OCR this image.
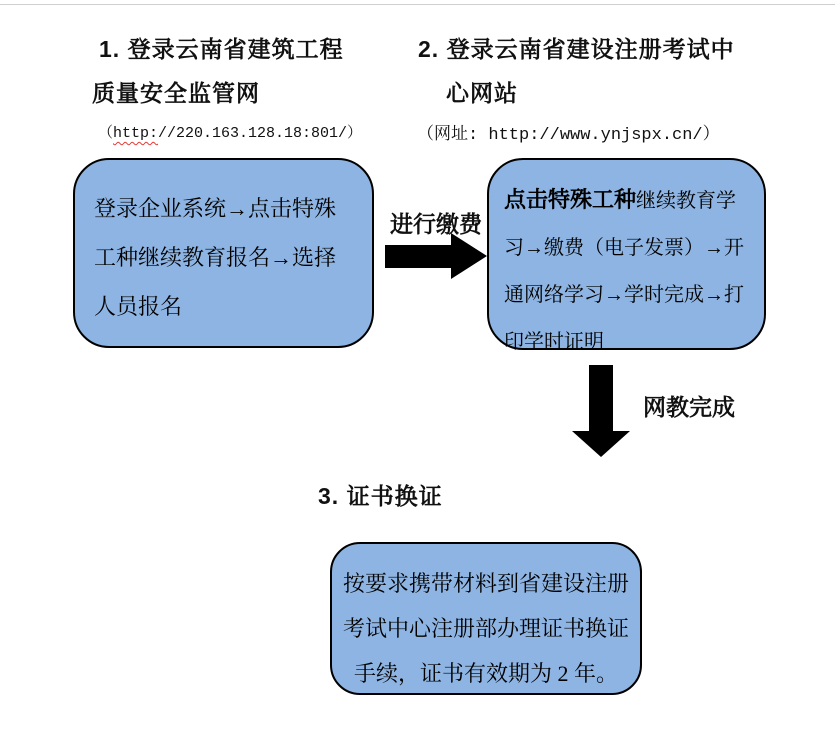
1. 登录云南省建筑工程
质量安全监管网
（http://220.163.128.18:801/）
2. 登录云南省建设注册考试中
心网站
（网址: http://www.ynjspx.cn/）
登录企业系统→点击特殊
工种继续教育报名→选择
人员报名
进行缴费
点击特殊工种继续教育学
习→缴费（电子发票）→开
通网络学习→学时完成→打
印学时证明
网教完成
3. 证书换证
按要求携带材料到省建设注册
考试中心注册部办理证书换证
手续，证书有效期为 2 年。
